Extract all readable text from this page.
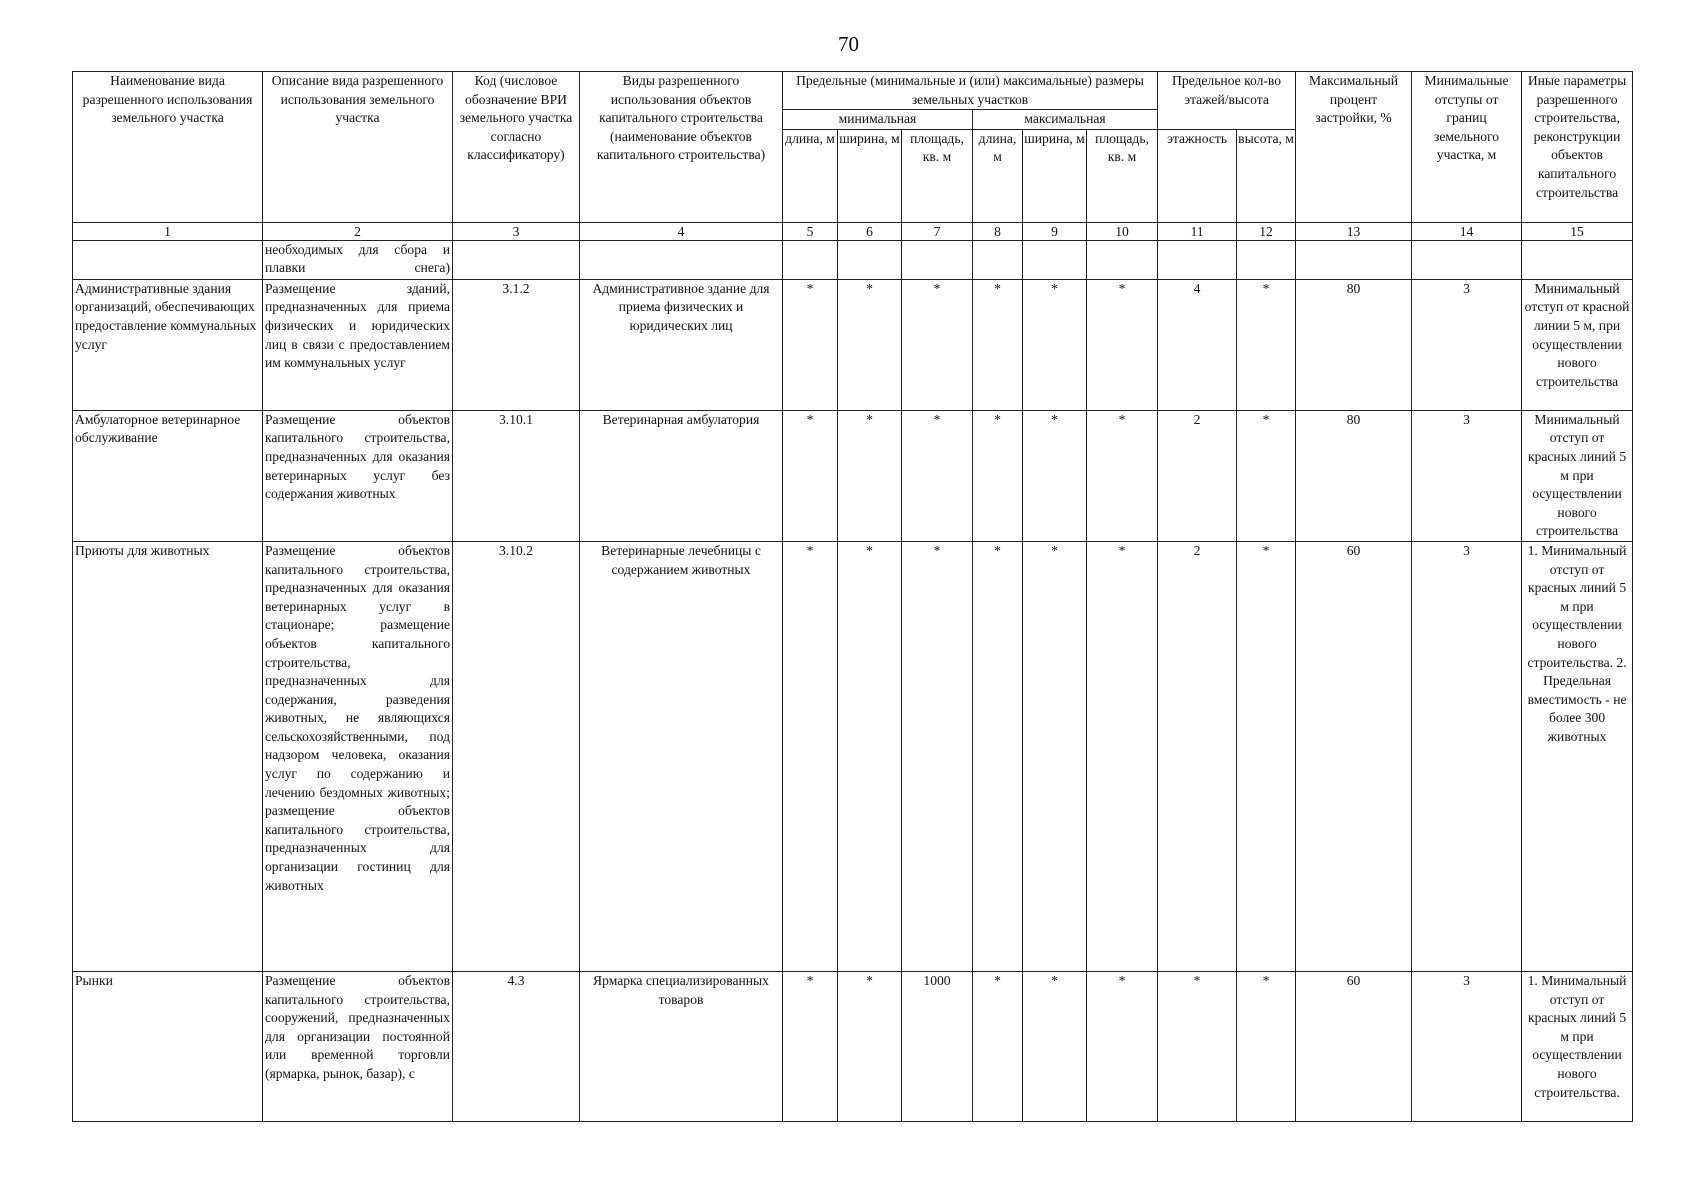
70
Наименование вида разрешенного использования земельного участка	Описание вида разрешенного использования земельного участка	Код (числовое обозначение ВРИ земельного участка согласно классификатору)	Виды разрешенного использования объектов капитального строительства (наименование объектов капитального строительства)	Предельные (минимальные и (или) максимальные) размеры земельных участков						Предельное кол-во этажей/высота		Максимальный процент застройки, %	Минимальные отступы от границ земельного участка, м	Иные параметры разрешенного строительства, реконструкции объектов капитального строительства

				минимальная			максимальная							
				длина, м	ширина, м	площадь, кв. м	длина, м	ширина, м	площадь, кв. м	этажность	высота, м			
1	2	3	4	5	6	7	8	9	10	11	12	13	14	15
	необходимых для сбора и плавки снега)													
Административные здания организаций, обеспечивающих предоставление коммунальных услуг	Размещение зданий, предназначенных для приема физических и юридических лиц в связи с предоставлением им коммунальных услуг	3.1.2	Административное здание для приема физических и юридических лиц	*	*	*	*	*	*	4	*	80	3	Минимальный отступ от красной линии 5 м, при осуществлении нового строительства
Амбулаторное ветеринарное обслуживание	Размещение объектов капитального строительства, предназначенных для оказания ветеринарных услуг без содержания животных	3.10.1	Ветеринарная амбулатория	*	*	*	*	*	*	2	*	80	3	Минимальный отступ от красных линий 5 м при осуществлении нового строительства
Приюты для животных	Размещение объектов капитального строительства, предназначенных для оказания ветеринарных услуг в стационаре; размещение объектов капитального строительства, предназначенных для содержания, разведения животных, не являющихся сельскохозяйственными, под надзором человека, оказания услуг по содержанию и лечению бездомных животных; размещение объектов капитального строительства, предназначенных для организации гостиниц для животных	3.10.2	Ветеринарные лечебницы с содержанием животных	*	*	*	*	*	*	2	*	60	3	1. Минимальный отступ от красных линий 5 м при осуществлении нового строительства. 2. Предельная вместимость - не более 300 животных
Рынки	Размещение объектов капитального строительства, сооружений, предназначенных для организации постоянной или временной торговли (ярмарка, рынок, базар), с	4.3	Ярмарка специализированных товаров	*	*	1000	*	*	*	*	*	60	3	1. Минимальный отступ от красных линий 5 м при осуществлении нового строительства.
